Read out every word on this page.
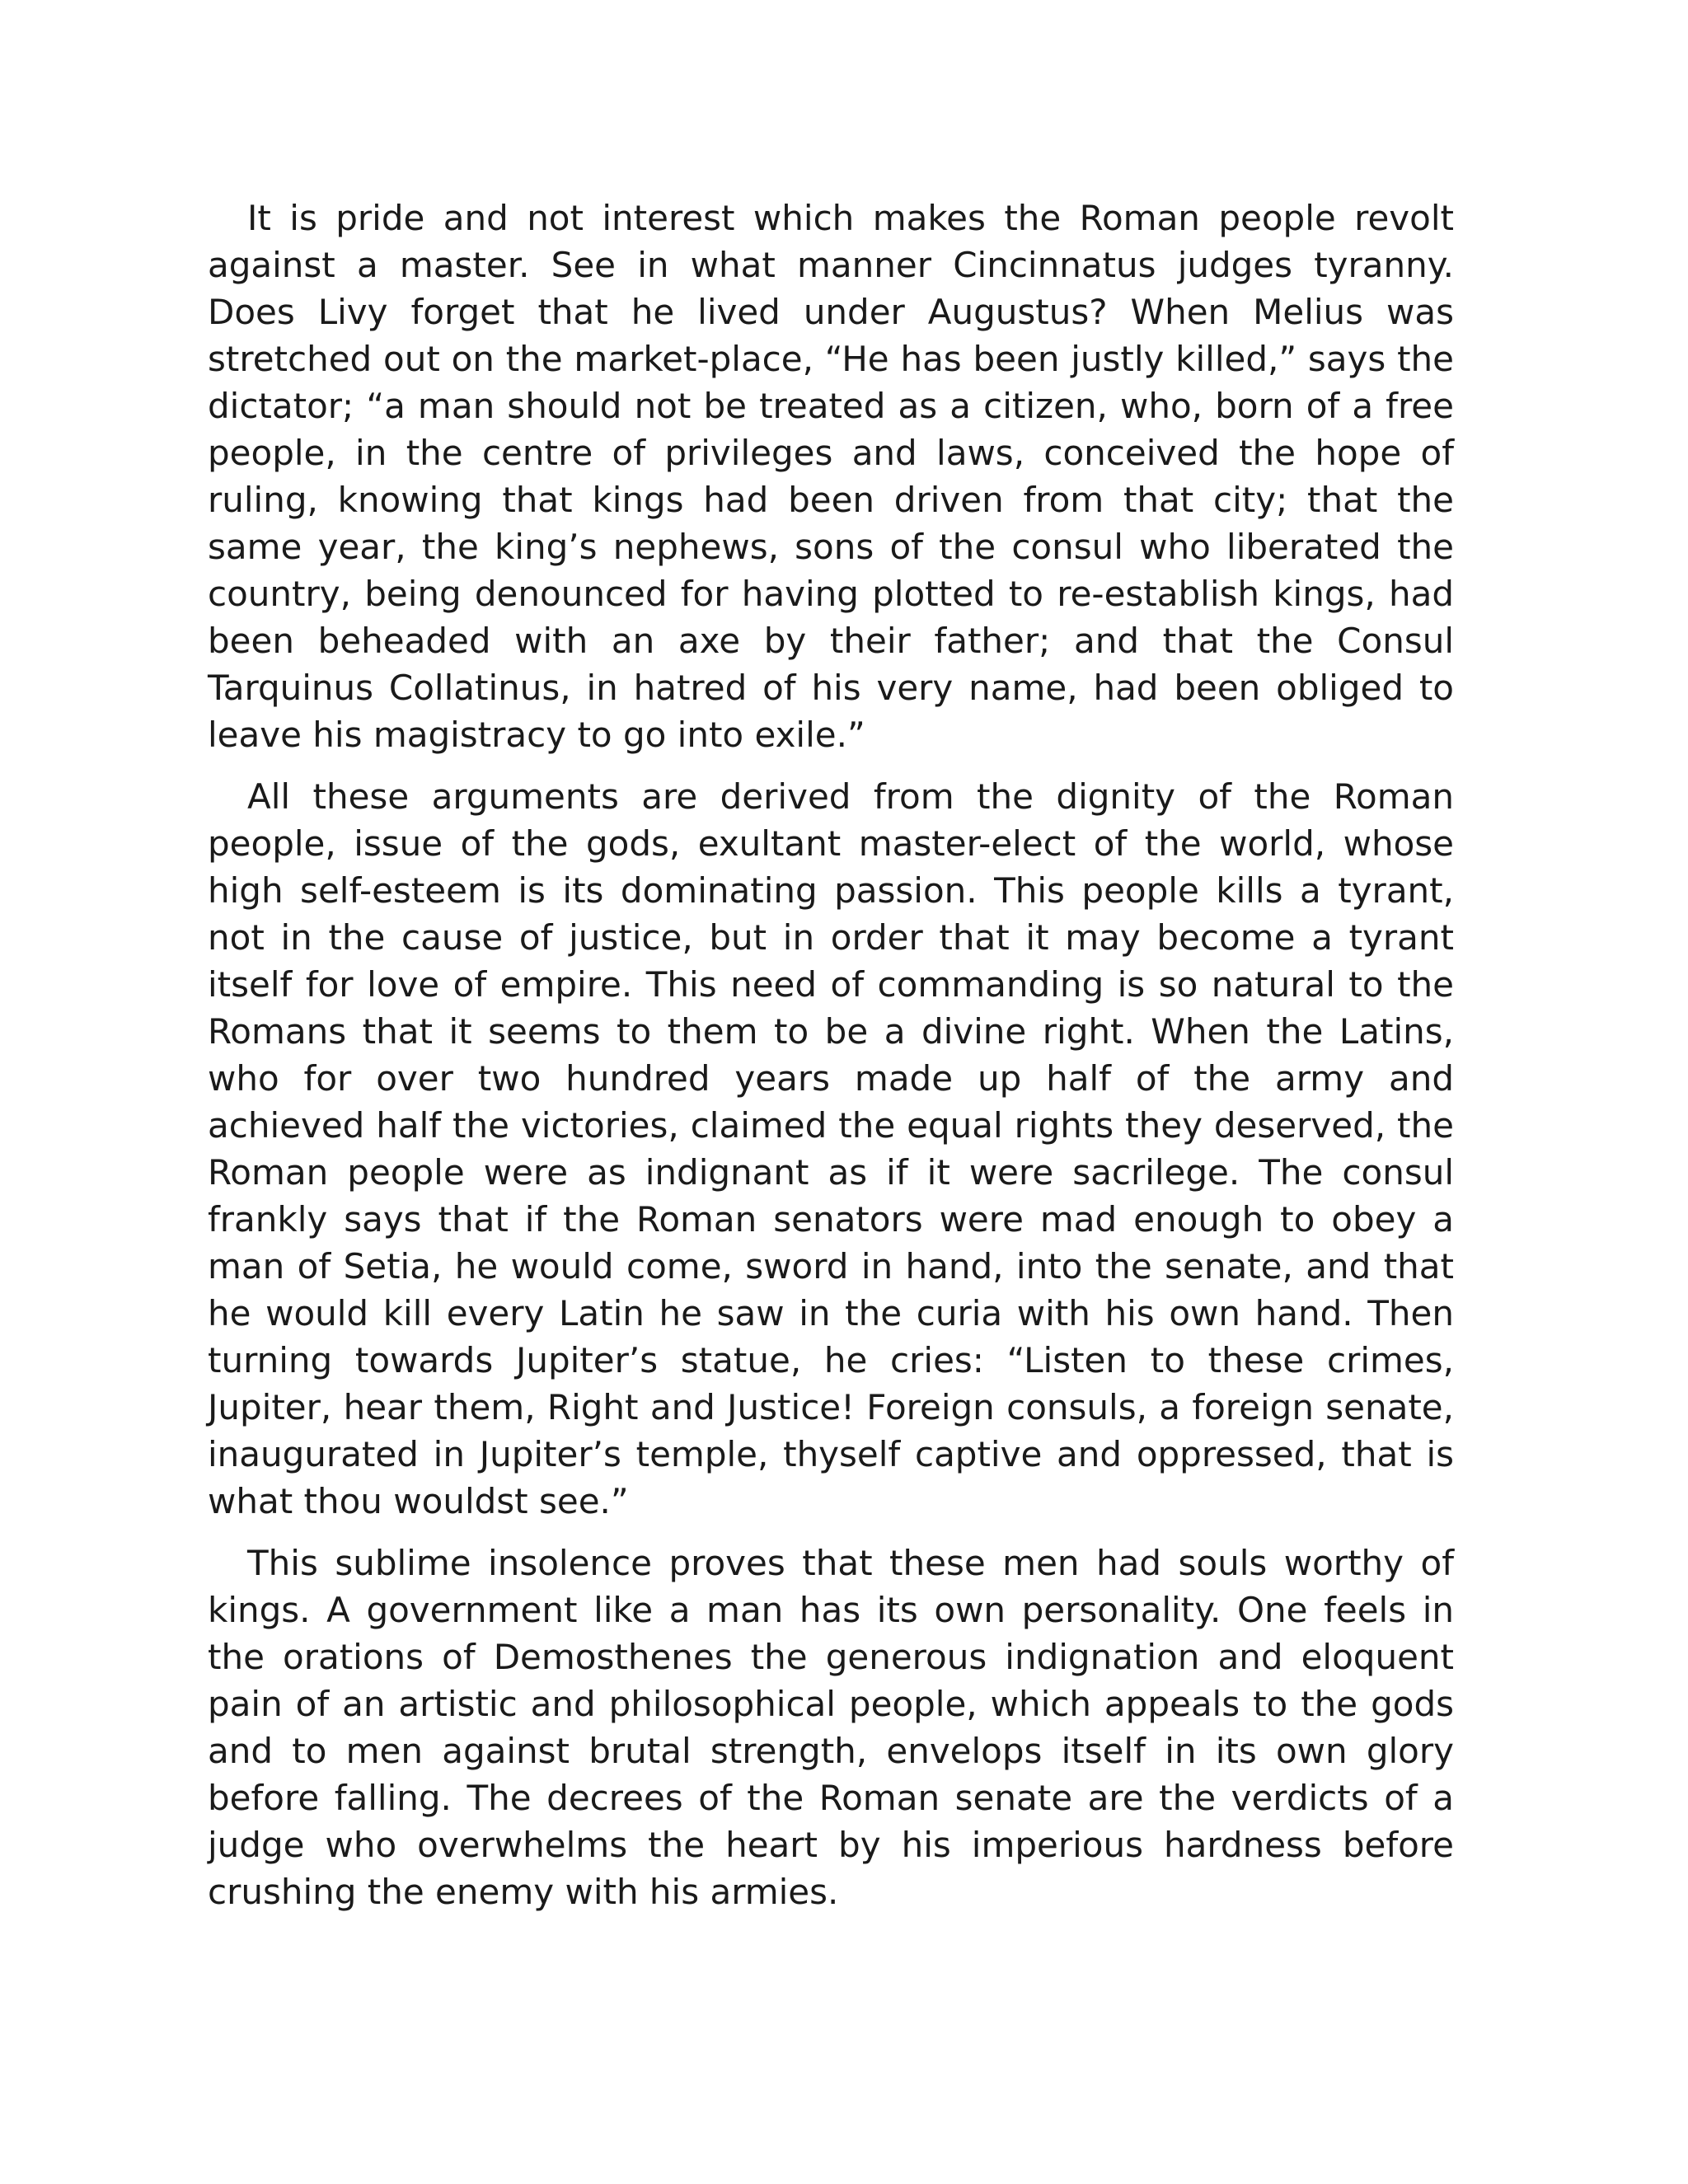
It is pride and not interest which makes the Roman people revolt against a master. See in what manner Cincinnatus judges tyranny. Does Livy forget that he lived under Augustus? When Melius was stretched out on the market-place, “He has been justly killed,” says the dictator; “a man should not be treated as a citizen, who, born of a free people, in the centre of privileges and laws, conceived the hope of ruling, knowing that kings had been driven from that city; that the same year, the king’s nephews, sons of the consul who liberated the country, being denounced for having plotted to re-establish kings, had been beheaded with an axe by their father; and that the Consul Tarquinus Collatinus, in hatred of his very name, had been obliged to leave his magistracy to go into exile.”

All these arguments are derived from the dignity of the Roman people, issue of the gods, exultant master-elect of the world, whose high self-esteem is its dominating passion. This people kills a tyrant, not in the cause of justice, but in order that it may become a tyrant itself for love of empire. This need of commanding is so natural to the Romans that it seems to them to be a divine right. When the Latins, who for over two hundred years made up half of the army and achieved half the victories, claimed the equal rights they deserved, the Roman people were as indignant as if it were sacrilege. The consul frankly says that if the Roman senators were mad enough to obey a man of Setia, he would come, sword in hand, into the senate, and that he would kill every Latin he saw in the curia with his own hand. Then turning towards Jupiter’s statue, he cries: “Listen to these crimes, Jupiter, hear them, Right and Justice! Foreign consuls, a foreign senate, inaugurated in Jupiter’s temple, thyself captive and oppressed, that is what thou wouldst see.”

This sublime insolence proves that these men had souls worthy of kings. A government like a man has its own personality. One feels in the orations of Demosthenes the generous indignation and eloquent pain of an artistic and philosophical people, which appeals to the gods and to men against brutal strength, envelops itself in its own glory before falling. The decrees of the Roman senate are the verdicts of a judge who overwhelms the heart by his imperious hardness before crushing the enemy with his armies.
